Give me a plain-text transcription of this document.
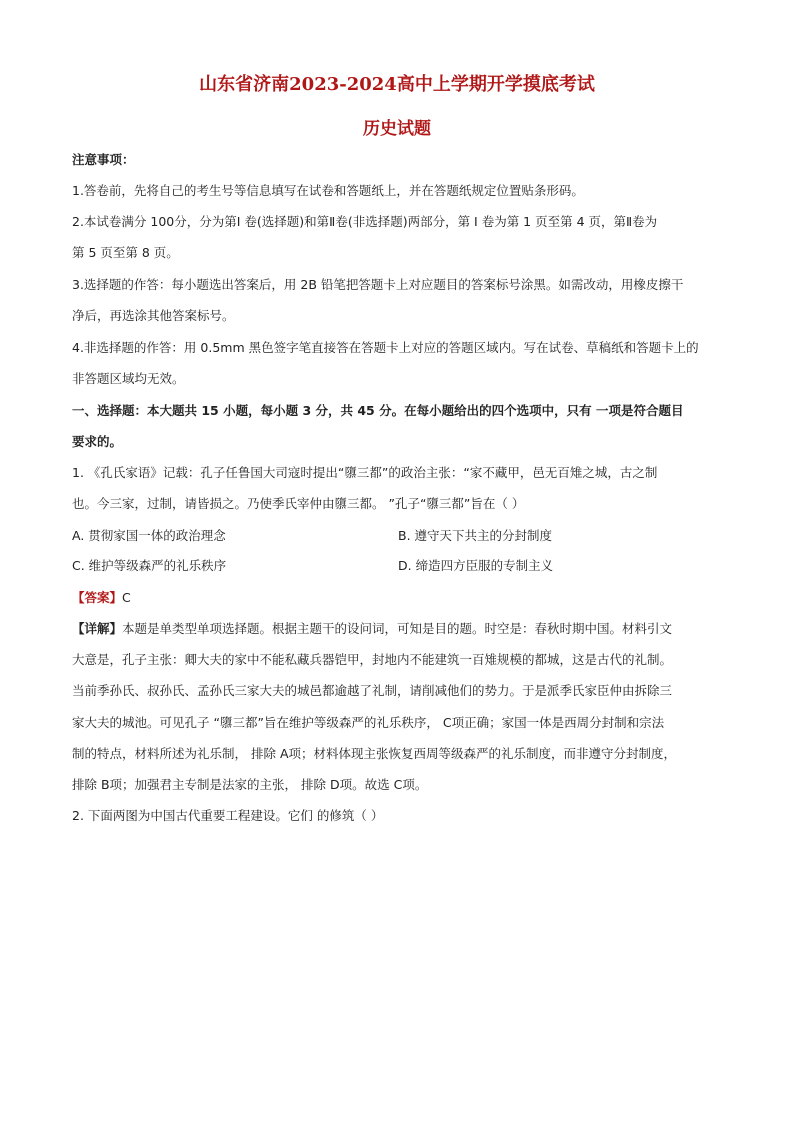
山东省济南2023-2024高中上学期开学摸底考试
历史试题
注意事项：
1.答卷前，先将自己的考生号等信息填写在试卷和答题纸上，并在答题纸规定位置贴条形码。
2.本试卷满分 100分，分为第Ⅰ 卷(选择题)和第Ⅱ卷(非选择题)两部分，第 Ⅰ 卷为第 1 页至第 4 页，第Ⅱ卷为
第 5 页至第 8 页。
3.选择题的作答：每小题选出答案后，用 2B 铅笔把答题卡上对应题目的答案标号涂黑。如需改动，用橡皮擦干
净后，再选涂其他答案标号。
4.非选择题的作答：用 0.5mm 黑色签字笔直接答在答题卡上对应的答题区域内。写在试卷、草稿纸和答题卡上的
非答题区域均无效。
一、选择题：本大题共 15 小题，每小题 3 分，共 45 分。在每小题给出的四个选项中，只有 一项是符合题目
要求的。
1. 《孔氏家语》记载：孔子任鲁国大司寇时提出“隳三都”的政治主张：“家不藏甲，邑无百雉之城，古之制
也。今三家，过制，请皆损之。乃使季氏宰仲由隳三都。 ”孔子“隳三都”旨在（ ）
A. 贯彻家国一体的政治理念	B. 遵守天下共主的分封制度
C. 维护等级森严的礼乐秩序	D. 缔造四方臣服的专制主义
【答案】C
【详解】本题是单类型单项选择题。根据主题干的设问词，可知是目的题。时空是：春秋时期中国。材料引文
大意是，孔子主张：卿大夫的家中不能私藏兵器铠甲，封地内不能建筑一百雉规模的都城，这是古代的礼制。
当前季孙氏、叔孙氏、孟孙氏三家大夫的城邑都逾越了礼制，请削减他们的势力。于是派季氏家臣仲由拆除三
家大夫的城池。可见孔子 “隳三都”旨在维护等级森严的礼乐秩序， C项正确；家国一体是西周分封制和宗法
制的特点，材料所述为礼乐制， 排除 A项；材料体现主张恢复西周等级森严的礼乐制度，而非遵守分封制度，
排除 B项；加强君主专制是法家的主张， 排除 D项。故选 C项。
2. 下面两图为中国古代重要工程建设。它们 的修筑（ ）
